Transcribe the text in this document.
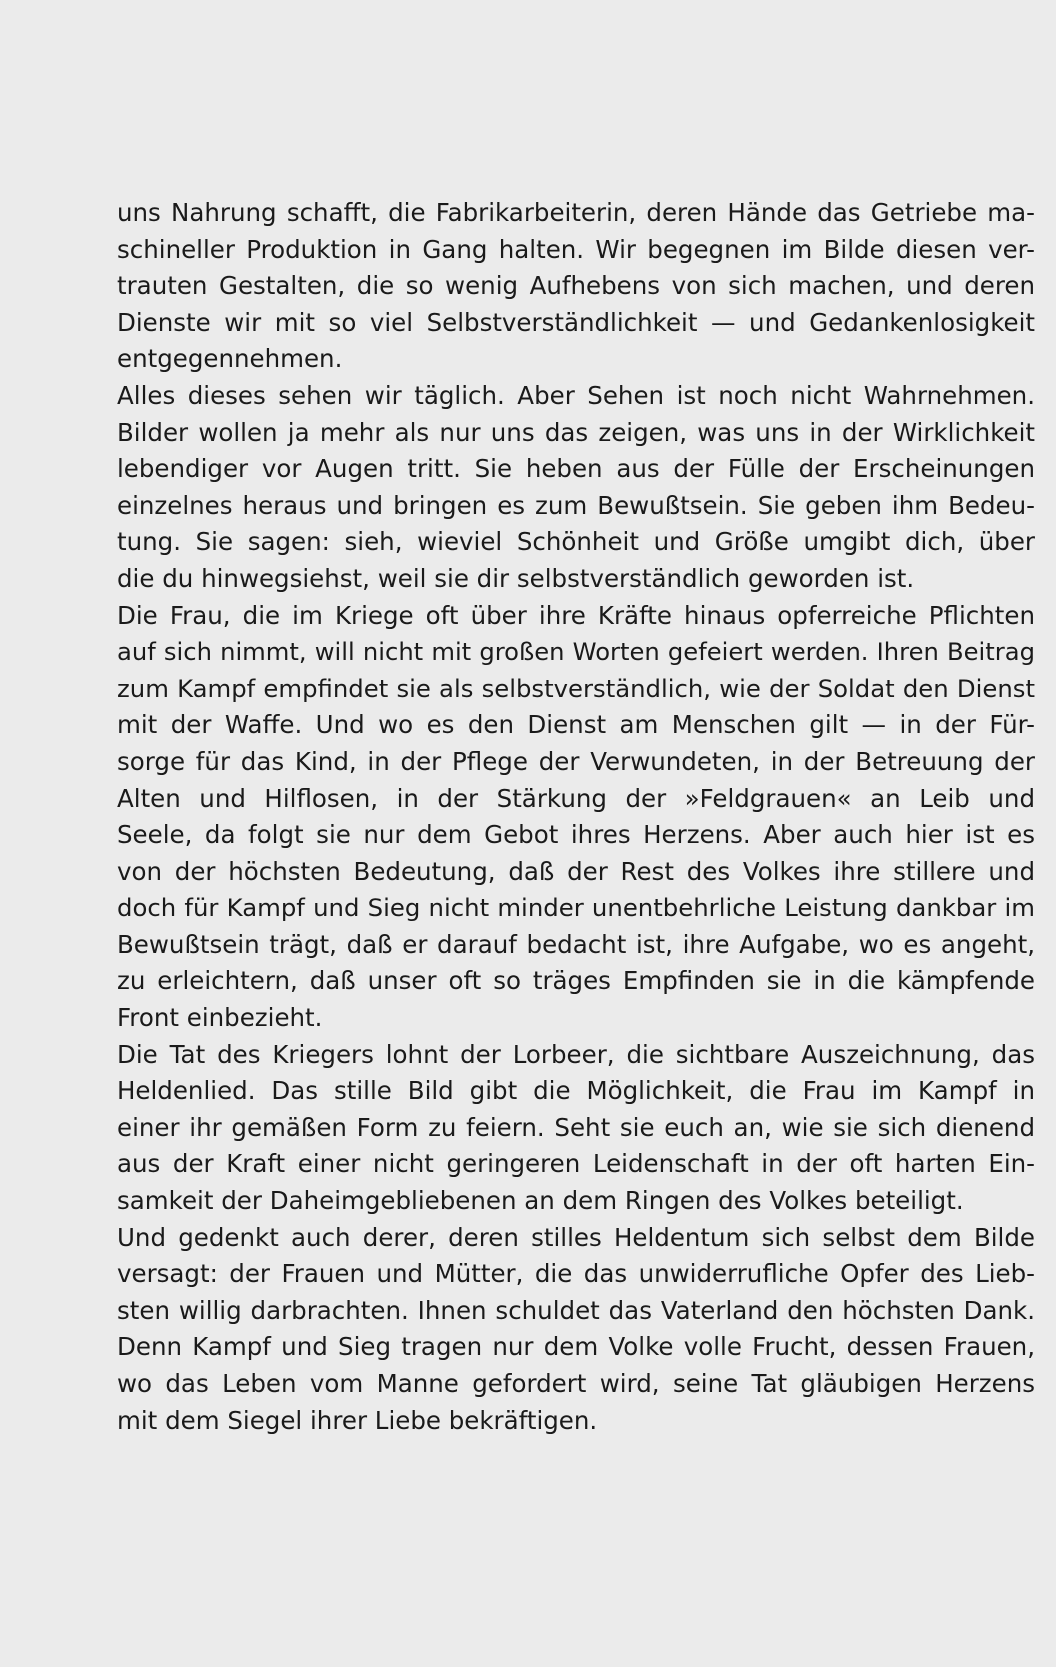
uns Nahrung schafft, die Fabrikarbeiterin, deren Hände das Getriebe ma-
schineller Produktion in Gang halten. Wir begegnen im Bilde diesen ver-
trauten Gestalten, die so wenig Aufhebens von sich machen, und deren
Dienste wir mit so viel Selbstverständlichkeit — und Gedankenlosigkeit
entgegennehmen.
Alles dieses sehen wir täglich. Aber Sehen ist noch nicht Wahrnehmen.
Bilder wollen ja mehr als nur uns das zeigen, was uns in der Wirklichkeit
lebendiger vor Augen tritt. Sie heben aus der Fülle der Erscheinungen
einzelnes heraus und bringen es zum Bewußtsein. Sie geben ihm Bedeu-
tung. Sie sagen: sieh, wieviel Schönheit und Größe umgibt dich, über
die du hinwegsiehst, weil sie dir selbstverständlich geworden ist.
Die Frau, die im Kriege oft über ihre Kräfte hinaus opferreiche Pflichten
auf sich nimmt, will nicht mit großen Worten gefeiert werden. Ihren Beitrag
zum Kampf empfindet sie als selbstverständlich, wie der Soldat den Dienst
mit der Waffe. Und wo es den Dienst am Menschen gilt — in der Für-
sorge für das Kind, in der Pflege der Verwundeten, in der Betreuung der
Alten und Hilflosen, in der Stärkung der »Feldgrauen« an Leib und
Seele, da folgt sie nur dem Gebot ihres Herzens. Aber auch hier ist es
von der höchsten Bedeutung, daß der Rest des Volkes ihre stillere und
doch für Kampf und Sieg nicht minder unentbehrliche Leistung dankbar im
Bewußtsein trägt, daß er darauf bedacht ist, ihre Aufgabe, wo es angeht,
zu erleichtern, daß unser oft so träges Empfinden sie in die kämpfende
Front einbezieht.
Die Tat des Kriegers lohnt der Lorbeer, die sichtbare Auszeichnung, das
Heldenlied. Das stille Bild gibt die Möglichkeit, die Frau im Kampf in
einer ihr gemäßen Form zu feiern. Seht sie euch an, wie sie sich dienend
aus der Kraft einer nicht geringeren Leidenschaft in der oft harten Ein-
samkeit der Daheimgebliebenen an dem Ringen des Volkes beteiligt.
Und gedenkt auch derer, deren stilles Heldentum sich selbst dem Bilde
versagt: der Frauen und Mütter, die das unwiderrufliche Opfer des Lieb-
sten willig darbrachten. Ihnen schuldet das Vaterland den höchsten Dank.
Denn Kampf und Sieg tragen nur dem Volke volle Frucht, dessen Frauen,
wo das Leben vom Manne gefordert wird, seine Tat gläubigen Herzens
mit dem Siegel ihrer Liebe bekräftigen.
